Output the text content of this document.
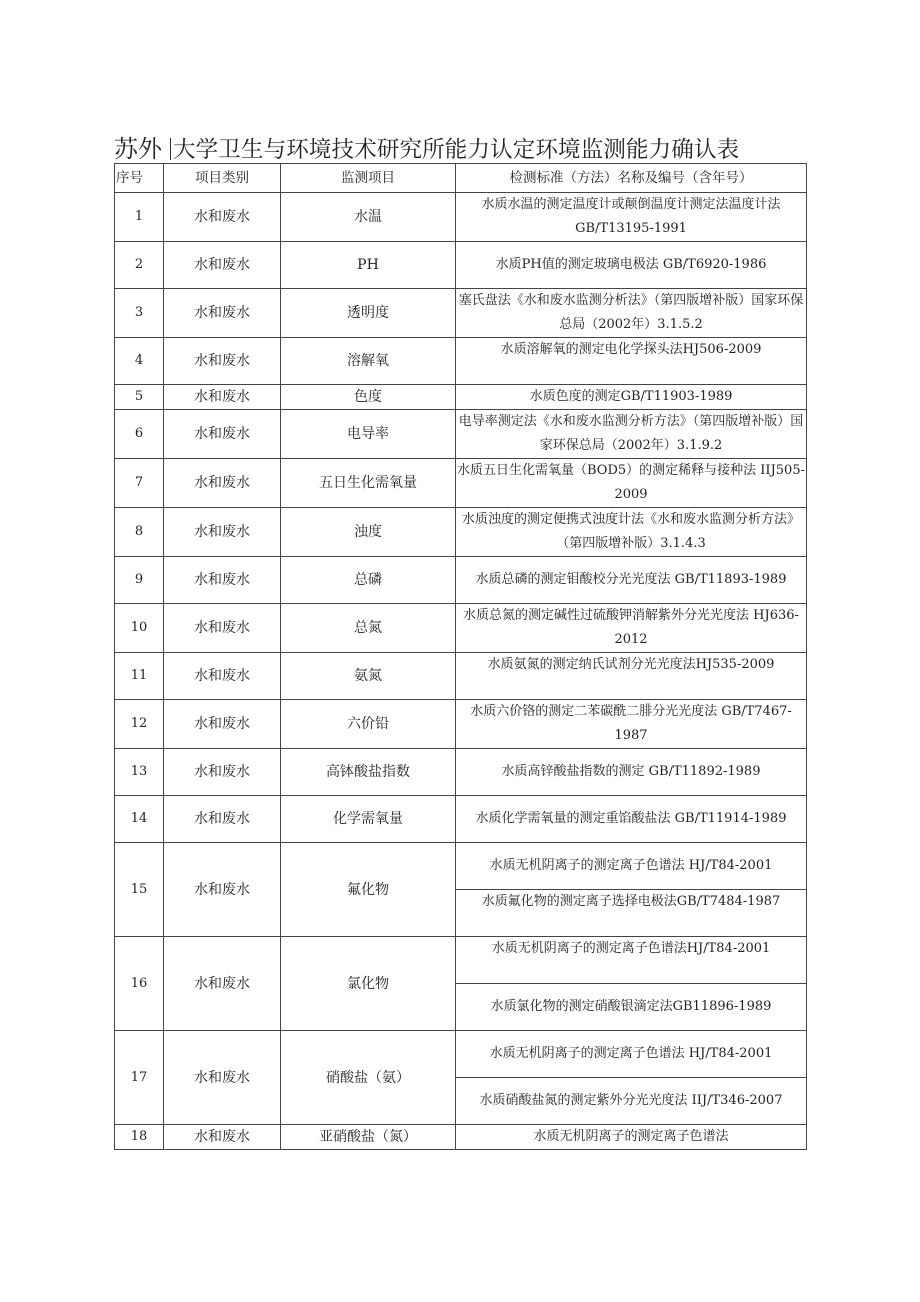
苏外 大学卫生与环境技术研究所能力认定环境监测能力确认表
序号	项目类别	监测项目	检测标准（方法）名称及编号（含年号）
1	水和废水	水温	水质水温的测定温度计或颠倒温度计测定法温度计法GB/T13195-1991
2	水和废水	PH	水质PH值的测定玻璃电极法 GB/T6920-1986
3	水和废水	透明度	塞氏盘法《水和废水监测分析法》（第四版增补版）国家环保总局（2002年）3.1.5.2
4	水和废水	溶解氧	水质溶解氧的测定电化学探头法HJ506-2009
5	水和废水	色度	水质色度的测定GB/T11903-1989
6	水和废水	电导率	电导率测定法《水和废水监测分析方法》（第四版增补版）国家环保总局（2002年）3.1.9.2
7	水和废水	五日生化需氧量	水质五日生化需氧量（BOD5）的测定稀释与接种法 IIJ505-2009
8	水和废水	浊度	水质浊度的测定便携式浊度计法《水和废水监测分析方法》（第四版增补版）3.1.4.3
9	水和废水	总磷	水质总磷的测定钼酸校分光光度法 GB/T11893-1989
10	水和废水	总氮	水质总氮的测定碱性过硫酸钾消解紫外分光光度法 HJ636-2012
11	水和废水	氨氮	水质氨氮的测定纳氏试剂分光光度法HJ535-2009
12	水和废水	六价铅	水质六价铬的测定二苯碳酰二腓分光光度法 GB/T7467-1987
13	水和废水	高钵酸盐指数	水质高锌酸盐指数的测定 GB/T11892-1989
14	水和废水	化学需氧量	水质化学需氧量的测定重馅酸盐法 GB/T11914-1989
15	水和废水	氟化物	水质无机阴离子的测定离子色谱法 HJ/T84-2001
			水质氟化物的测定离子选择电极法GB/T7484-1987
16	水和废水	氯化物	水质无机阴离子的测定离子色谱法HJ/T84-2001
			水质氯化物的测定硝酸银滴定法GB11896-1989
17	水和废水	硝酸盐（氨）	水质无机阴离子的测定离子色谱法 HJ/T84-2001
			水质硝酸盐氮的测定紫外分光光度法 IIJ/T346-2007
18	水和废水	亚硝酸盐（氮）	水质无机阴离子的测定离子色谱法
